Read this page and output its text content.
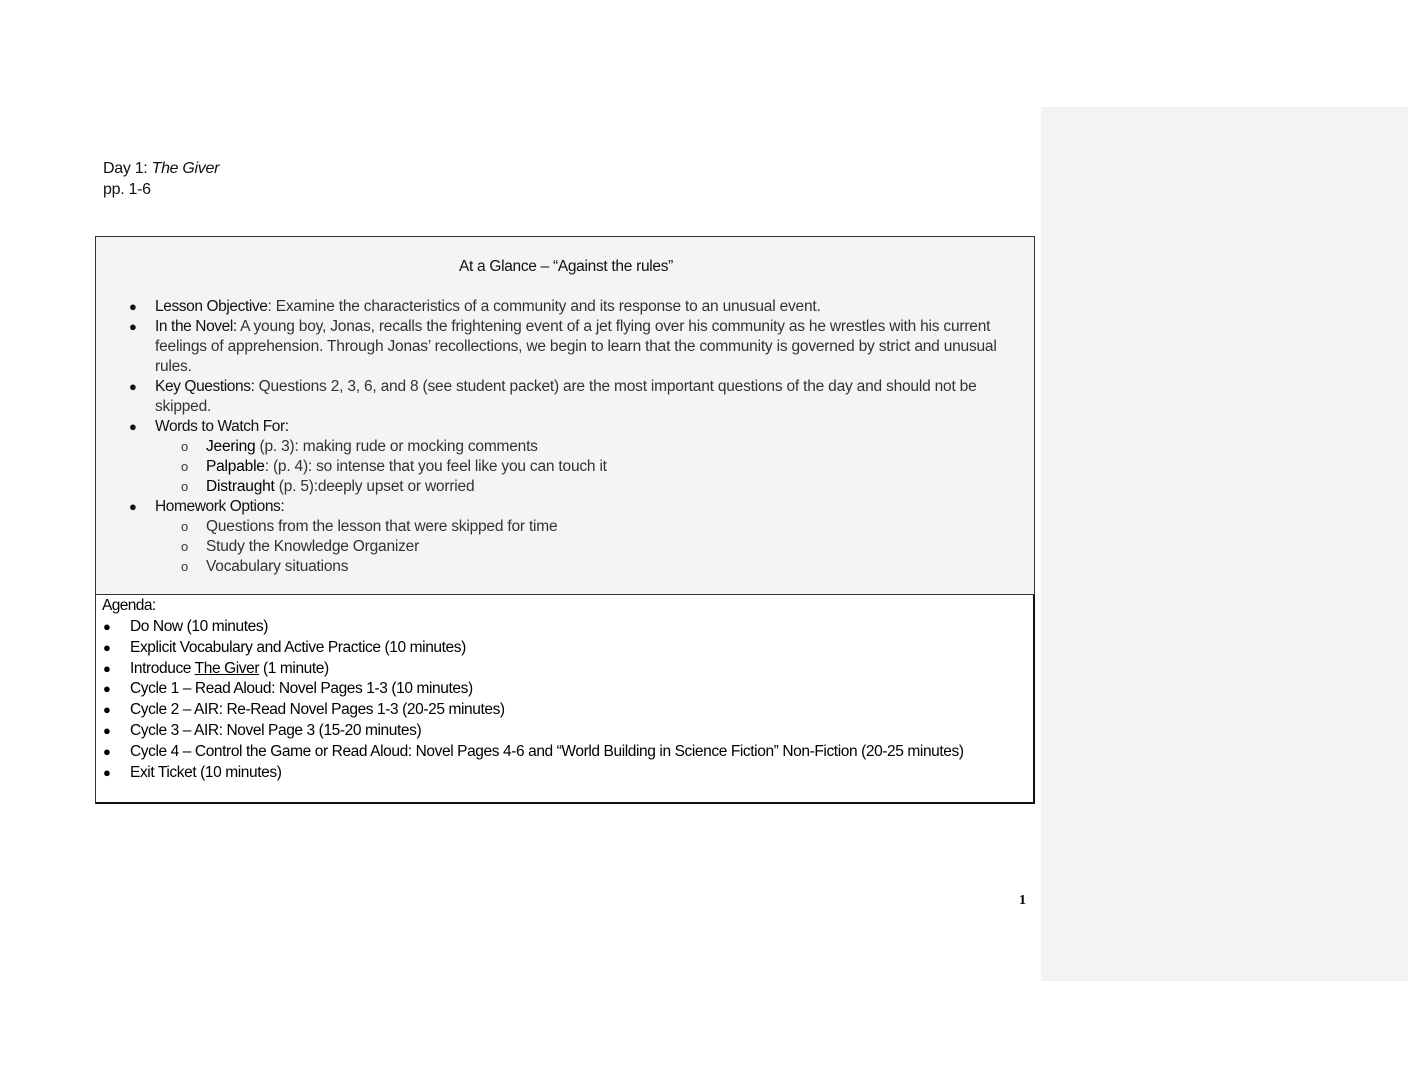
Day 1: The Giver
pp. 1-6
At a Glance – “Against the rules”
● Lesson Objective: Examine the characteristics of a community and its response to an unusual event.
● In the Novel: A young boy, Jonas, recalls the frightening event of a jet flying over his community as he wrestles with his current feelings of apprehension. Through Jonas’ recollections, we begin to learn that the community is governed by strict and unusual rules.
● Key Questions: Questions 2, 3, 6, and 8 (see student packet) are the most important questions of the day and should not be skipped.
● Words to Watch For:
o Jeering (p. 3): making rude or mocking comments
o Palpable: (p. 4): so intense that you feel like you can touch it
o Distraught (p. 5):deeply upset or worried
● Homework Options:
o Questions from the lesson that were skipped for time
o Study the Knowledge Organizer
o Vocabulary situations
Agenda:
● Do Now (10 minutes)
● Explicit Vocabulary and Active Practice (10 minutes)
● Introduce The Giver (1 minute)
● Cycle 1 – Read Aloud: Novel Pages 1-3 (10 minutes)
● Cycle 2 – AIR: Re-Read Novel Pages 1-3 (20-25 minutes)
● Cycle 3 – AIR: Novel Page 3 (15-20 minutes)
● Cycle 4 – Control the Game or Read Aloud: Novel Pages 4-6 and “World Building in Science Fiction” Non-Fiction (20-25 minutes)
● Exit Ticket (10 minutes)
1
